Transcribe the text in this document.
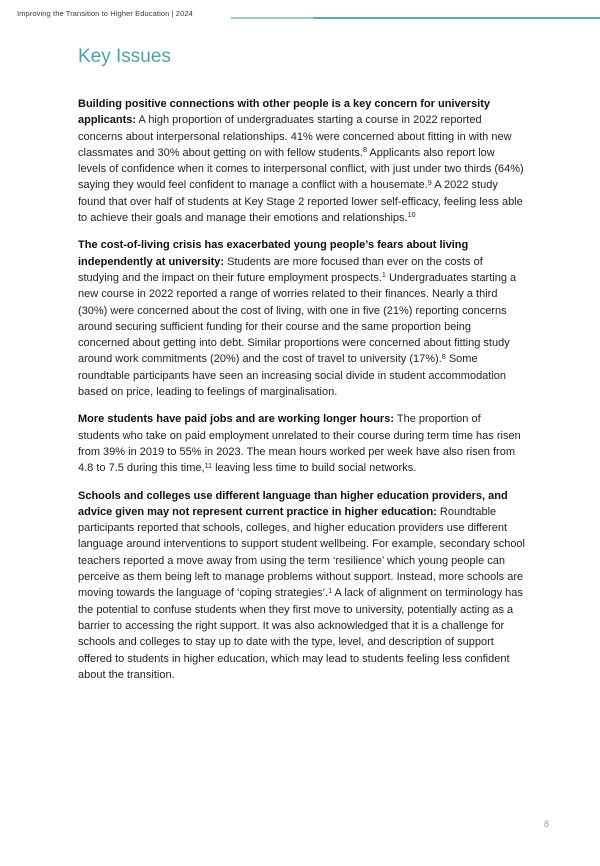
Improving the Transition to Higher Education | 2024
Key Issues

Building positive connections with other people is a key concern for university applicants: A high proportion of undergraduates starting a course in 2022 reported concerns about interpersonal relationships. 41% were concerned about fitting in with new classmates and 30% about getting on with fellow students.$^8$ Applicants also report low levels of confidence when it comes to interpersonal conflict, with just under two thirds (64%) saying they would feel confident to manage a conflict with a housemate.$^9$ A 2022 study found that over half of students at Key Stage 2 reported lower self-efficacy, feeling less able to achieve their goals and manage their emotions and relationships.$^{10}$

The cost-of-living crisis has exacerbated young people’s fears about living independently at university: Students are more focused than ever on the costs of studying and the impact on their future employment prospects.$^1$ Undergraduates starting a new course in 2022 reported a range of worries related to their finances. Nearly a third (30%) were concerned about the cost of living, with one in five (21%) reporting concerns around securing sufficient funding for their course and the same proportion being concerned about getting into debt. Similar proportions were concerned about fitting study around work commitments (20%) and the cost of travel to university (17%).$^8$ Some roundtable participants have seen an increasing social divide in student accommodation based on price, leading to feelings of marginalisation.

More students have paid jobs and are working longer hours: The proportion of students who take on paid employment unrelated to their course during term time has risen from 39% in 2019 to 55% in 2023. The mean hours worked per week have also risen from 4.8 to 7.5 during this time,$^{11}$ leaving less time to build social networks.

Schools and colleges use different language than higher education providers, and advice given may not represent current practice in higher education: Roundtable participants reported that schools, colleges, and higher education providers use different language around interventions to support student wellbeing. For example, secondary school teachers reported a move away from using the term ‘resilience’ which young people can perceive as them being left to manage problems without support. Instead, more schools are moving towards the language of ‘coping strategies’.$^1$ A lack of alignment on terminology has the potential to confuse students when they first move to university, potentially acting as a barrier to accessing the right support. It was also acknowledged that it is a challenge for schools and colleges to stay up to date with the type, level, and description of support offered to students in higher education, which may lead to students feeling less confident about the transition.

8
